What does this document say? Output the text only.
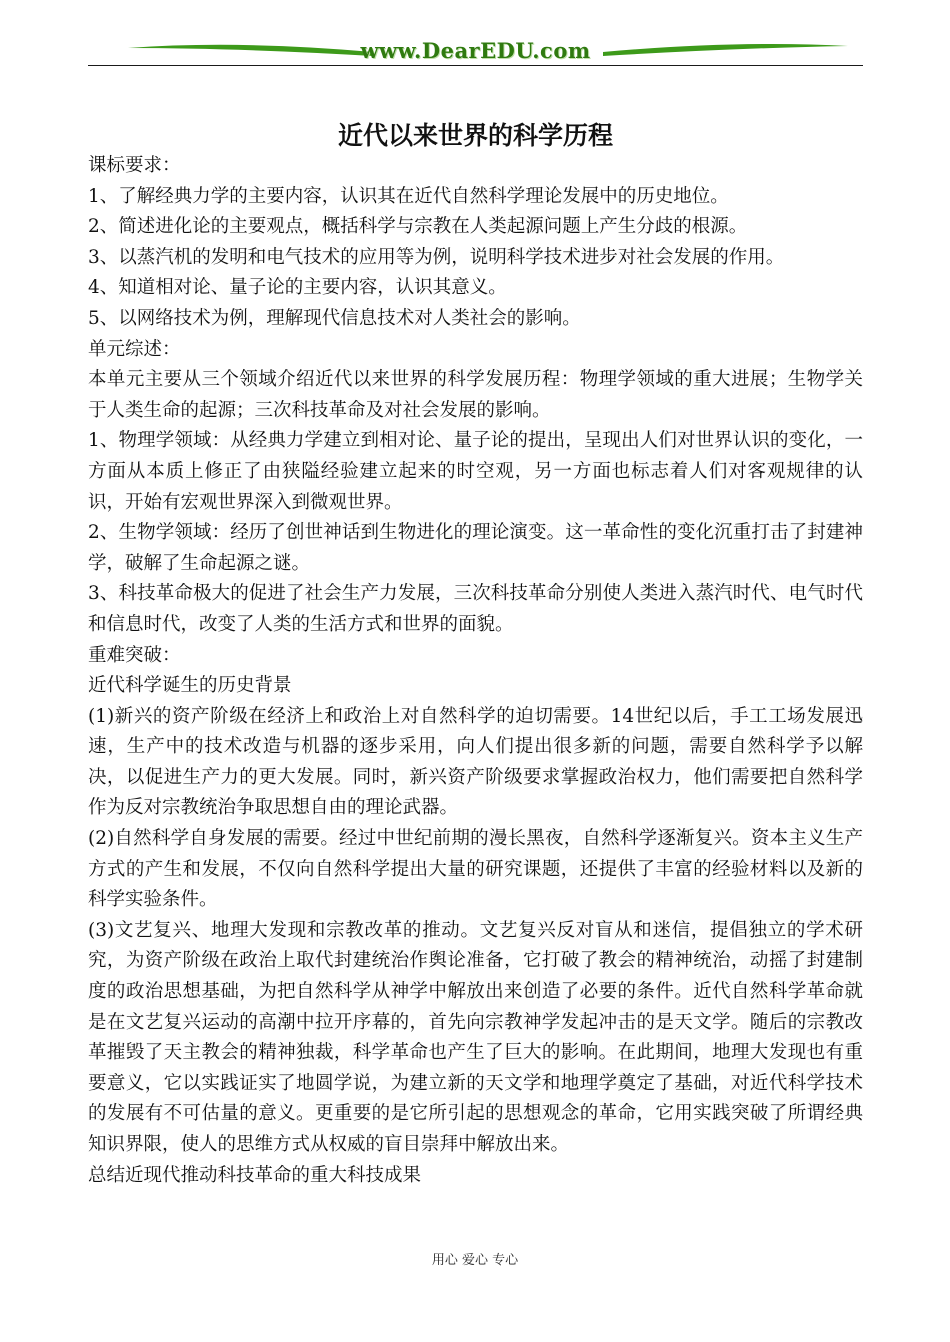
www.DearEDU.com
近代以来世界的科学历程

课标要求：

1、了解经典力学的主要内容，认识其在近代自然科学理论发展中的历史地位。

2、简述进化论的主要观点，概括科学与宗教在人类起源问题上产生分歧的根源。

3、以蒸汽机的发明和电气技术的应用等为例，说明科学技术进步对社会发展的作用。

4、知道相对论、量子论的主要内容，认识其意义。

5、以网络技术为例，理解现代信息技术对人类社会的影响。

单元综述：

本单元主要从三个领域介绍近代以来世界的科学发展历程：物理学领域的重大进展；生物学关于人类生命的起源；三次科技革命及对社会发展的影响。

1、物理学领域：从经典力学建立到相对论、量子论的提出，呈现出人们对世界认识的变化，一方面从本质上修正了由狭隘经验建立起来的时空观，另一方面也标志着人们对客观规律的认识，开始有宏观世界深入到微观世界。

2、生物学领域：经历了创世神话到生物进化的理论演变。这一革命性的变化沉重打击了封建神学，破解了生命起源之谜。

3、科技革命极大的促进了社会生产力发展，三次科技革命分别使人类进入蒸汽时代、电气时代和信息时代，改变了人类的生活方式和世界的面貌。

重难突破：

近代科学诞生的历史背景

(1)新兴的资产阶级在经济上和政治上对自然科学的迫切需要。14世纪以后，手工工场发展迅速，生产中的技术改造与机器的逐步采用，向人们提出很多新的问题，需要自然科学予以解决，以促进生产力的更大发展。同时，新兴资产阶级要求掌握政治权力，他们需要把自然科学作为反对宗教统治争取思想自由的理论武器。

(2)自然科学自身发展的需要。经过中世纪前期的漫长黑夜，自然科学逐渐复兴。资本主义生产方式的产生和发展，不仅向自然科学提出大量的研究课题，还提供了丰富的经验材料以及新的科学实验条件。

(3)文艺复兴、地理大发现和宗教改革的推动。文艺复兴反对盲从和迷信，提倡独立的学术研究，为资产阶级在政治上取代封建统治作舆论准备，它打破了教会的精神统治，动摇了封建制度的政治思想基础，为把自然科学从神学中解放出来创造了必要的条件。近代自然科学革命就是在文艺复兴运动的高潮中拉开序幕的，首先向宗教神学发起冲击的是天文学。随后的宗教改革摧毁了天主教会的精神独裁，科学革命也产生了巨大的影响。在此期间，地理大发现也有重要意义，它以实践证实了地圆学说，为建立新的天文学和地理学奠定了基础，对近代科学技术的发展有不可估量的意义。更重要的是它所引起的思想观念的革命，它用实践突破了所谓经典知识界限，使人的思维方式从权威的盲目崇拜中解放出来。

总结近现代推动科技革命的重大科技成果

用心 爱心 专心
